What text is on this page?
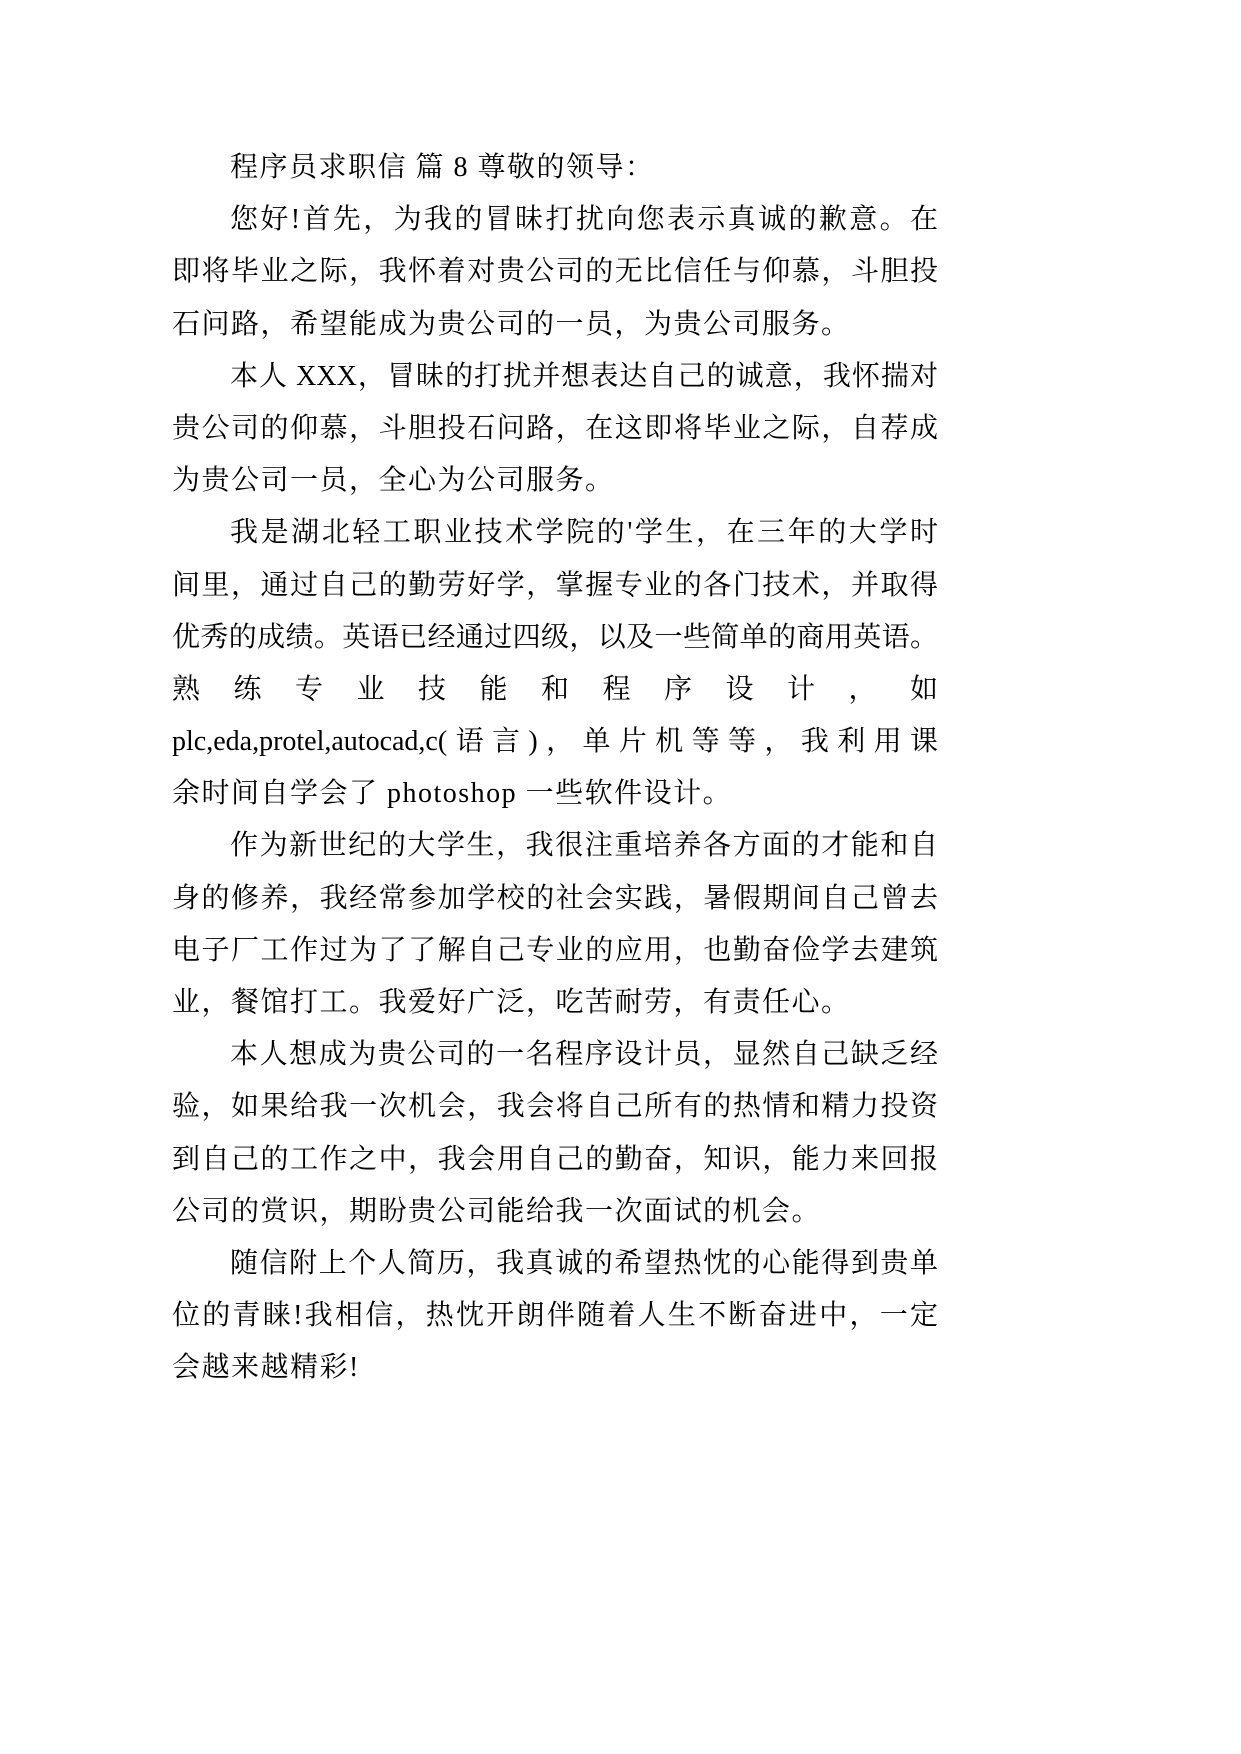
程序员求职信 篇 8 尊敬的领导：
您好!首先，为我的冒昧打扰向您表示真诚的歉意。在
即将毕业之际，我怀着对贵公司的无比信任与仰慕，斗胆投
石问路，希望能成为贵公司的一员，为贵公司服务。
本人 XXX，冒昧的打扰并想表达自己的诚意，我怀揣对
贵公司的仰慕，斗胆投石问路，在这即将毕业之际，自荐成
为贵公司一员，全心为公司服务。
我是湖北轻工职业技术学院的'学生，在三年的大学时
间里，通过自己的勤劳好学，掌握专业的各门技术，并取得
优秀的成绩。英语已经通过四级，以及一些简单的商用英语。
熟 练 专 业 技 能 和 程 序 设 计 ， 如
plc,eda,protel,autocad,c(语言)，单片机等等，我利用课
余时间自学会了 photoshop 一些软件设计。
作为新世纪的大学生，我很注重培养各方面的才能和自
身的修养，我经常参加学校的社会实践，暑假期间自己曾去
电子厂工作过为了了解自己专业的应用，也勤奋俭学去建筑
业，餐馆打工。我爱好广泛，吃苦耐劳，有责任心。
本人想成为贵公司的一名程序设计员，显然自己缺乏经
验，如果给我一次机会，我会将自己所有的热情和精力投资
到自己的工作之中，我会用自己的勤奋，知识，能力来回报
公司的赏识，期盼贵公司能给我一次面试的机会。
随信附上个人简历，我真诚的希望热忱的心能得到贵单
位的青睐!我相信，热忱开朗伴随着人生不断奋进中，一定
会越来越精彩!
